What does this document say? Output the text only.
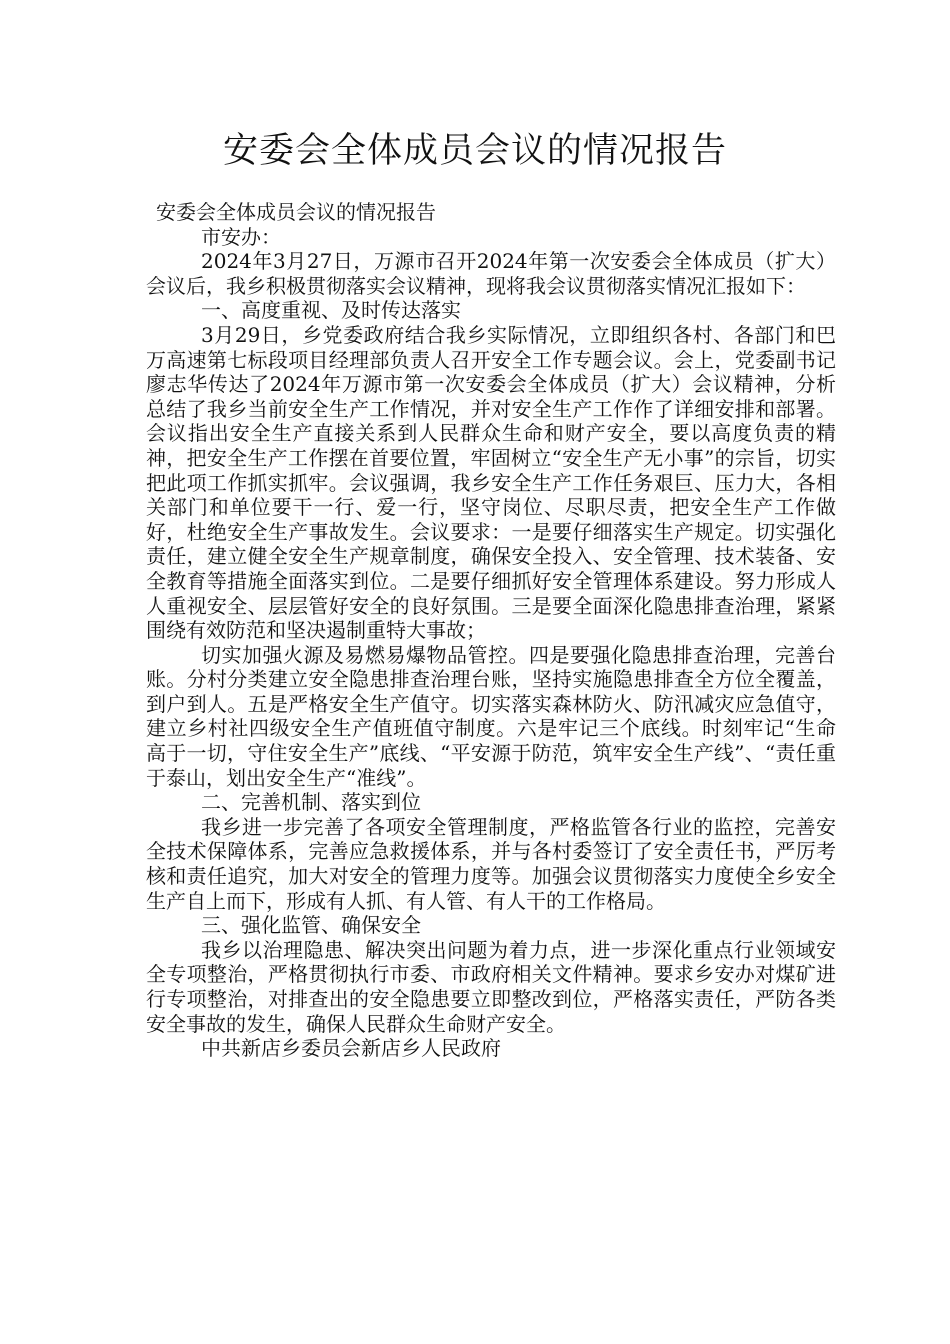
安委会全体成员会议的情况报告

安委会全体成员会议的情况报告

市安办：

2024年3月27日，万源市召开2024年第一次安委会全体成员（扩大）会议后，我乡积极贯彻落实会议精神，现将我会议贯彻落实情况汇报如下：

一、高度重视、及时传达落实

3月29日，乡党委政府结合我乡实际情况，立即组织各村、各部门和巴万高速第七标段项目经理部负责人召开安全工作专题会议。会上，党委副书记廖志华传达了2024年万源市第一次安委会全体成员（扩大）会议精神，分析总结了我乡当前安全生产工作情况，并对安全生产工作作了详细安排和部署。会议指出安全生产直接关系到人民群众生命和财产安全，要以高度负责的精神，把安全生产工作摆在首要位置，牢固树立“安全生产无小事”的宗旨，切实把此项工作抓实抓牢。会议强调，我乡安全生产工作任务艰巨、压力大，各相关部门和单位要干一行、爱一行，坚守岗位、尽职尽责，把安全生产工作做好，杜绝安全生产事故发生。会议要求：一是要仔细落实生产规定。切实强化责任，建立健全安全生产规章制度，确保安全投入、安全管理、技术装备、安全教育等措施全面落实到位。二是要仔细抓好安全管理体系建设。努力形成人人重视安全、层层管好安全的良好氛围。三是要全面深化隐患排查治理，紧紧围绕有效防范和坚决遏制重特大事故；

切实加强火源及易燃易爆物品管控。四是要强化隐患排查治理，完善台账。分村分类建立安全隐患排查治理台账，坚持实施隐患排查全方位全覆盖，到户到人。五是严格安全生产值守。切实落实森林防火、防汛减灾应急值守，建立乡村社四级安全生产值班值守制度。六是牢记三个底线。时刻牢记“生命高于一切，守住安全生产”底线、“平安源于防范，筑牢安全生产线”、“责任重于泰山，划出安全生产“准线”。

二、完善机制、落实到位

我乡进一步完善了各项安全管理制度，严格监管各行业的监控，完善安全技术保障体系，完善应急救援体系，并与各村委签订了安全责任书，严厉考核和责任追究，加大对安全的管理力度等。加强会议贯彻落实力度使全乡安全生产自上而下，形成有人抓、有人管、有人干的工作格局。

三、强化监管、确保安全

我乡以治理隐患、解决突出问题为着力点，进一步深化重点行业领域安全专项整治，严格贯彻执行市委、市政府相关文件精神。要求乡安办对煤矿进行专项整治，对排查出的安全隐患要立即整改到位，严格落实责任，严防各类安全事故的发生，确保人民群众生命财产安全。

中共新店乡委员会新店乡人民政府
